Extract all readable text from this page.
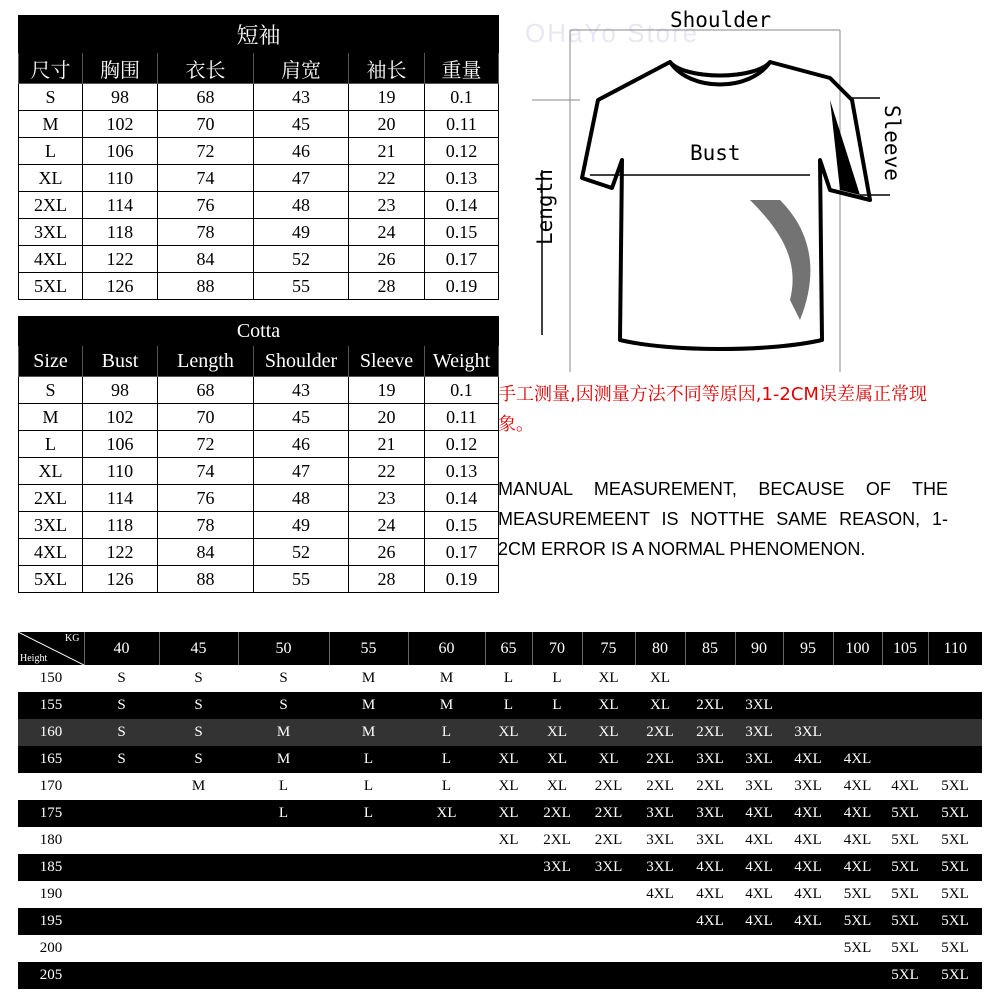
短袖					
尺寸	胸围	衣长	肩宽	袖长	重量
S	98	68	43	19	0.1
M	102	70	45	20	0.11
L	106	72	46	21	0.12
XL	110	74	47	22	0.13
2XL	114	76	48	23	0.14
3XL	118	78	49	24	0.15
4XL	122	84	52	26	0.17
5XL	126	88	55	28	0.19
Cotta					
Size	Bust	Length	Shoulder	Sleeve	Weight
S	98	68	43	19	0.1
M	102	70	45	20	0.11
L	106	72	46	21	0.12
XL	110	74	47	22	0.13
2XL	114	76	48	23	0.14
3XL	118	78	49	24	0.15
4XL	122	84	52	26	0.17
5XL	126	88	55	28	0.19
OHaYo Store
Shoulder
Bust	Sleeve
Length
手工测量,因测量方法不同等原因,1-2CM误差属正常现象。
MANUAL MEASUREMENT, BECAUSE OF THE MEASUREMEENT IS NOTTHE SAME REASON, 1-2CM ERROR IS A NORMAL PHENOMENON.
KG
Height	40	45	50	55	60	65	70	75	80	85	90	95	100	105	110
150	S	S	S	M	M	L	L	XL	XL						
155	S	S	S	M	M	L	L	XL	XL	2XL	3XL				
160	S	S	M	M	L	XL	XL	XL	2XL	2XL	3XL	3XL			
165	S	S	M	L	L	XL	XL	XL	2XL	3XL	3XL	4XL	4XL		
170		M	L	L	L	XL	XL	2XL	2XL	2XL	3XL	3XL	4XL	4XL	5XL
175			L	L	XL	XL	2XL	2XL	3XL	3XL	4XL	4XL	4XL	5XL	5XL
180						XL	2XL	2XL	3XL	3XL	4XL	4XL	4XL	5XL	5XL
185							3XL	3XL	3XL	4XL	4XL	4XL	4XL	5XL	5XL
190									4XL	4XL	4XL	4XL	5XL	5XL	5XL
195										4XL	4XL	4XL	5XL	5XL	5XL
200													5XL	5XL	5XL
205														5XL	5XL
